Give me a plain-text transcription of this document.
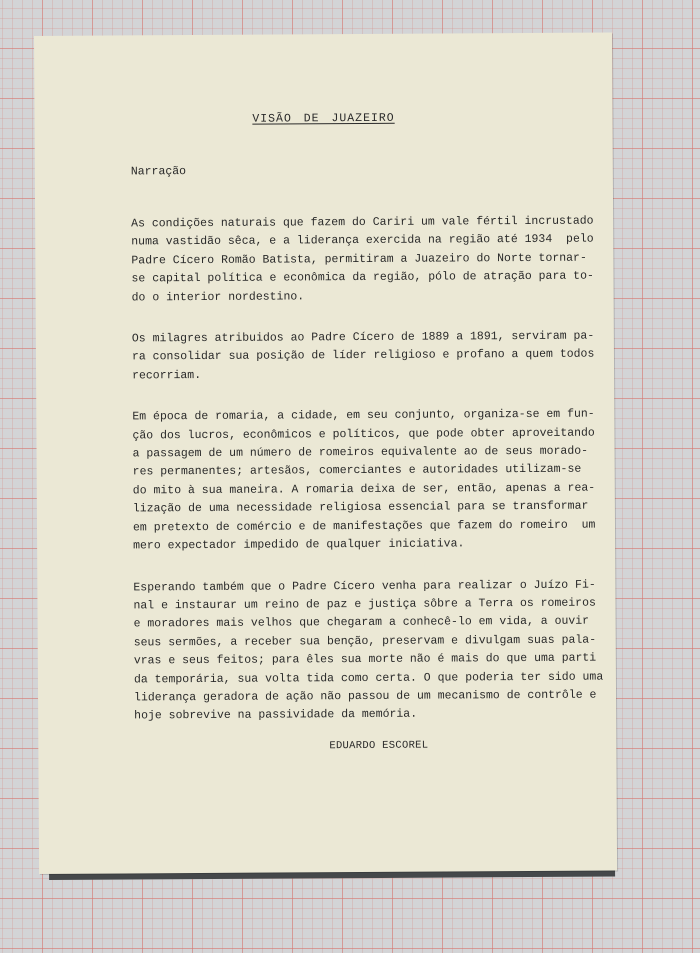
VISÃO DE JUAZEIRO
Narração
As condições naturais que fazem do Cariri um vale fértil incrustado
numa vastidão sêca, e a liderança exercida na região até 1934  pelo
Padre Cícero Romão Batista, permitiram a Juazeiro do Norte tornar-
se capital política e econômica da região, pólo de atração para to-
do o interior nordestino.
Os milagres atribuidos ao Padre Cícero de 1889 a 1891, serviram pa-
ra consolidar sua posição de líder religioso e profano a quem todos
recorriam.
Em época de romaria, a cidade, em seu conjunto, organiza-se em fun-
ção dos lucros, econômicos e políticos, que pode obter aproveitando
a passagem de um número de romeiros equivalente ao de seus morado-
res permanentes; artesãos, comerciantes e autoridades utilizam-se
do mito à sua maneira. A romaria deixa de ser, então, apenas a rea-
lização de uma necessidade religiosa essencial para se transformar
em pretexto de comércio e de manifestações que fazem do romeiro  um
mero expectador impedido de qualquer iniciativa.
Esperando também que o Padre Cícero venha para realizar o Juízo Fi-
nal e instaurar um reino de paz e justiça sôbre a Terra os romeiros
e moradores mais velhos que chegaram a conhecê-lo em vida, a ouvir
seus sermões, a receber sua benção, preservam e divulgam suas pala-
vras e seus feitos; para êles sua morte não é mais do que uma parti
da temporária, sua volta tida como certa. O que poderia ter sido uma
liderança geradora de ação não passou de um mecanismo de contrôle e
hoje sobrevive na passividade da memória.
EDUARDO ESCOREL
